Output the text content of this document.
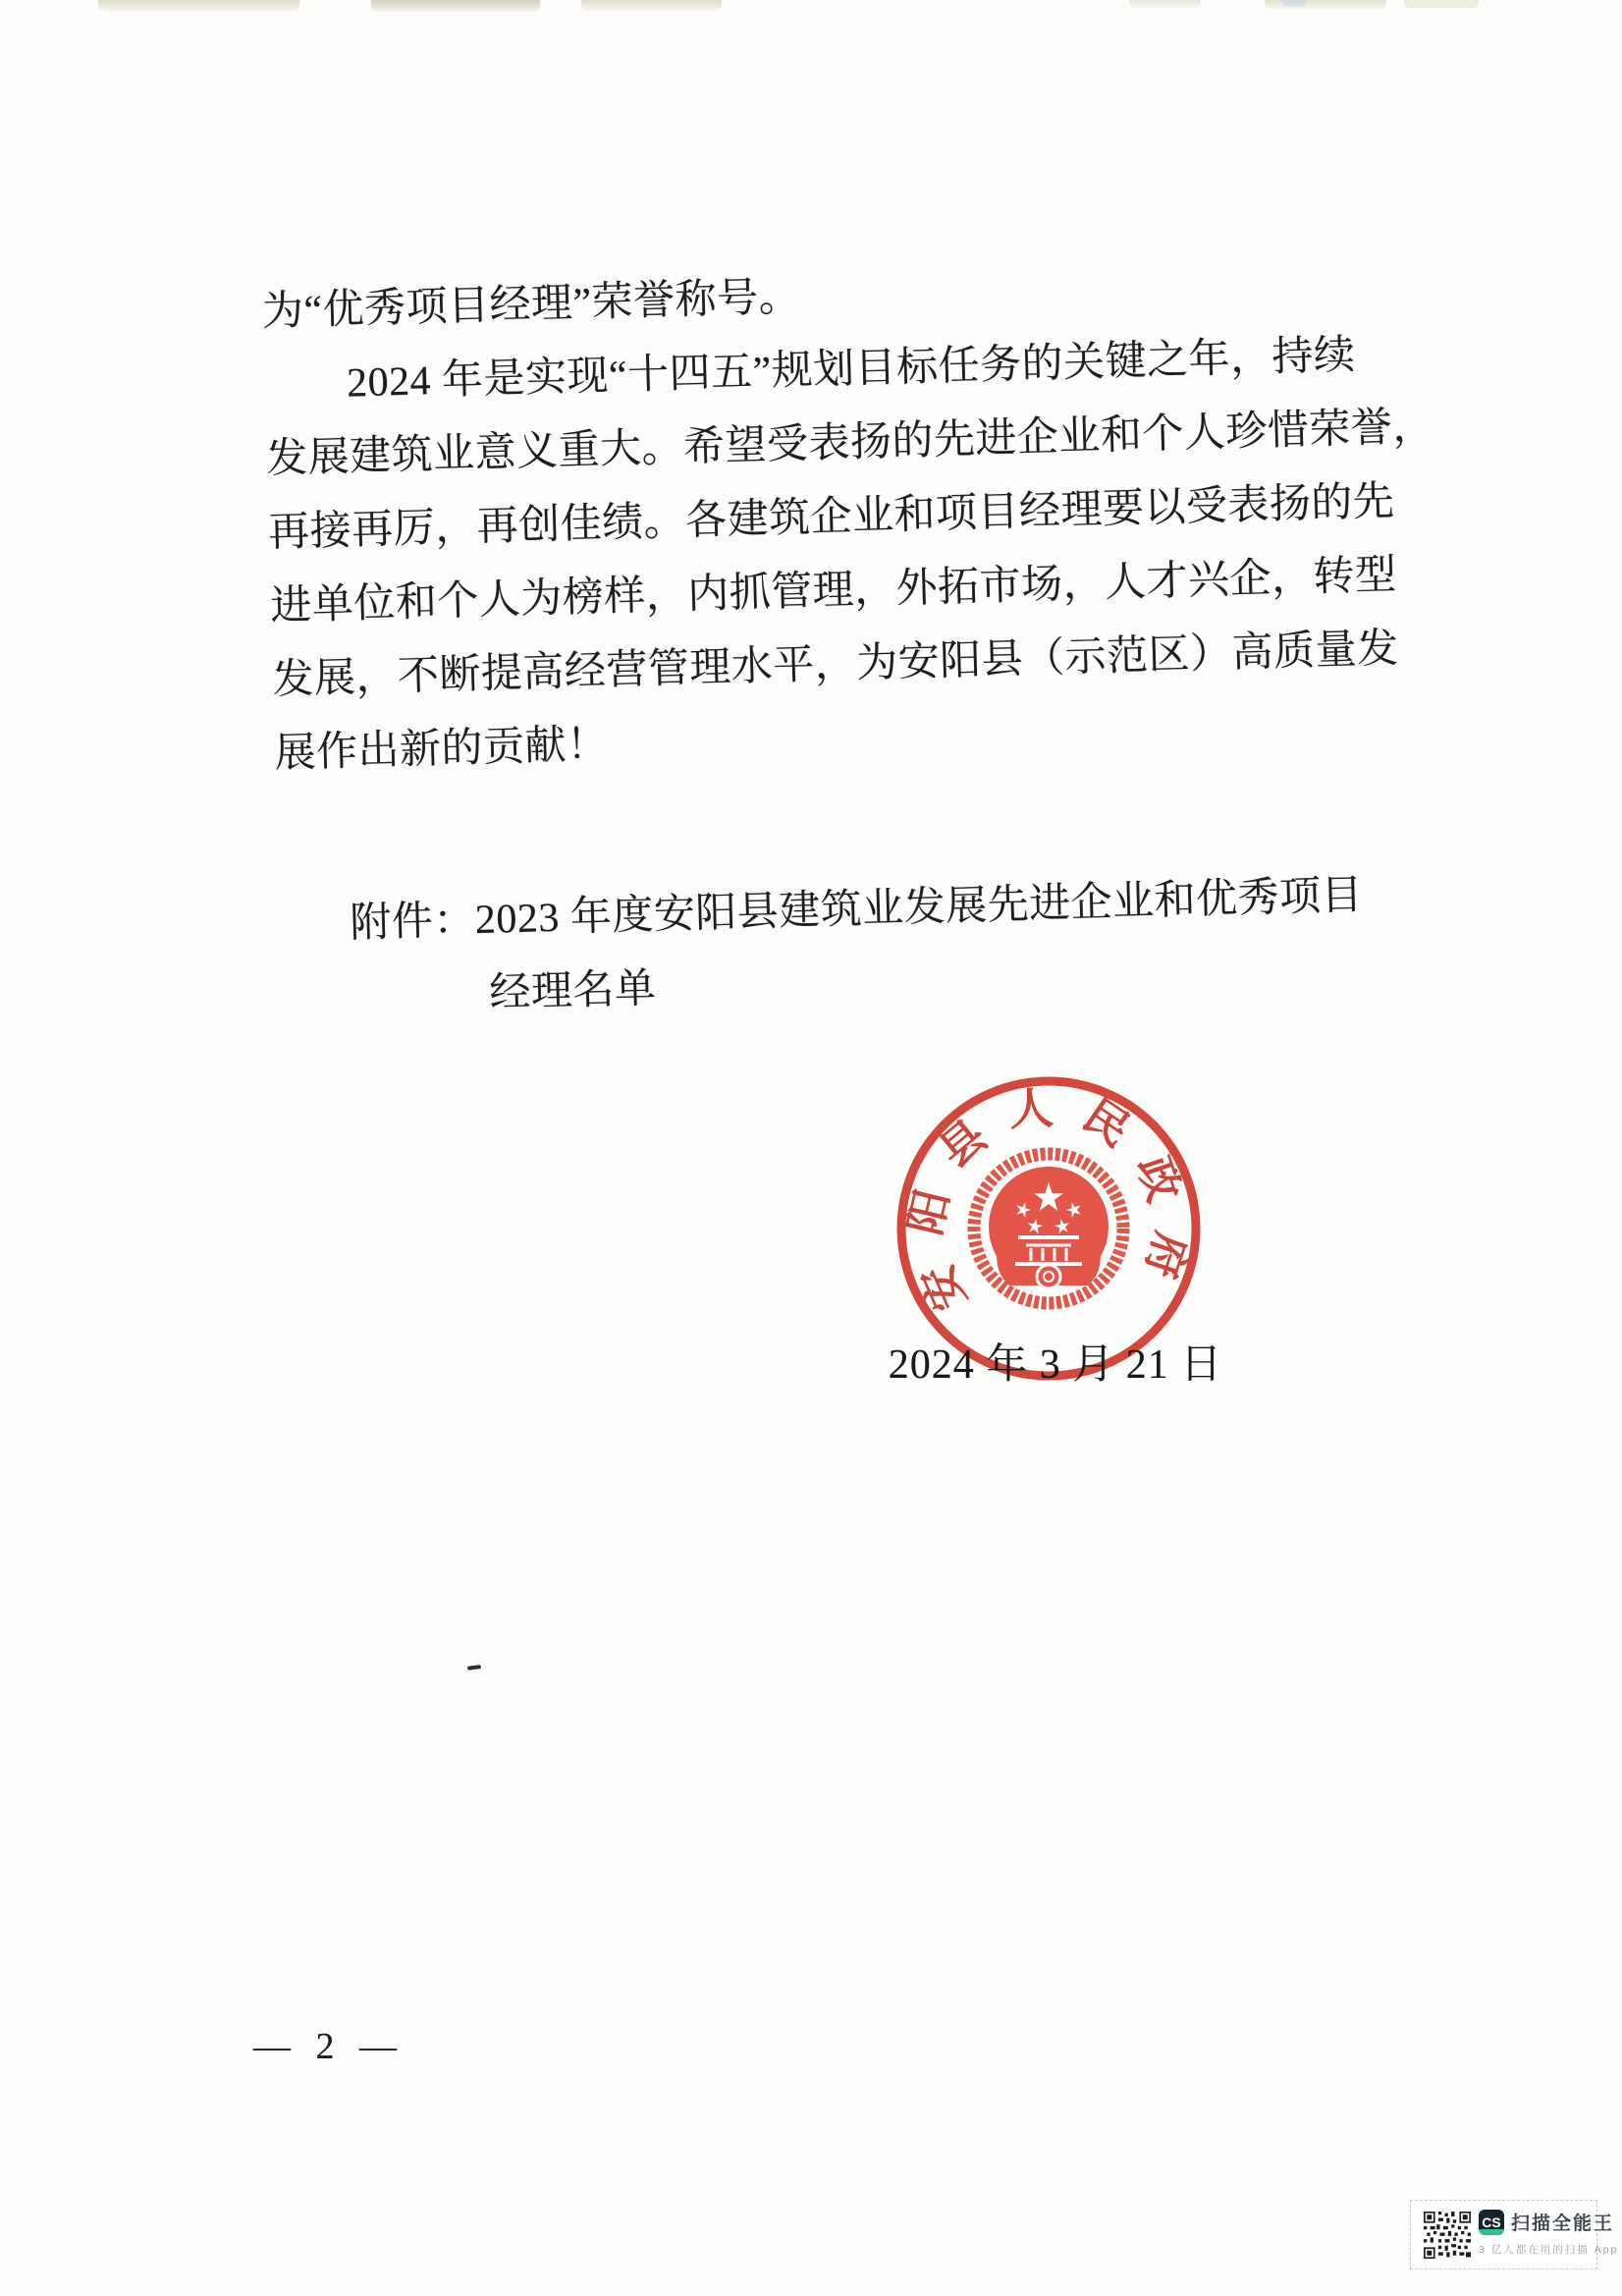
为“优秀项目经理”荣誉称号。
2024 年是实现“十四五”规划目标任务的关键之年，持续
发展建筑业意义重大。希望受表扬的先进企业和个人珍惜荣誉，
再接再厉，再创佳绩。各建筑企业和项目经理要以受表扬的先
进单位和个人为榜样，内抓管理，外拓市场，人才兴企，转型
发展，不断提高经营管理水平，为安阳县（示范区）高质量发
展作出新的贡献！
附件：2023 年度安阳县建筑业发展先进企业和优秀项目
经理名单
安阳县人民政府
2024 年 3 月 21 日
— 2 —
CS 扫描全能王
3 亿人都在用的扫描 App
